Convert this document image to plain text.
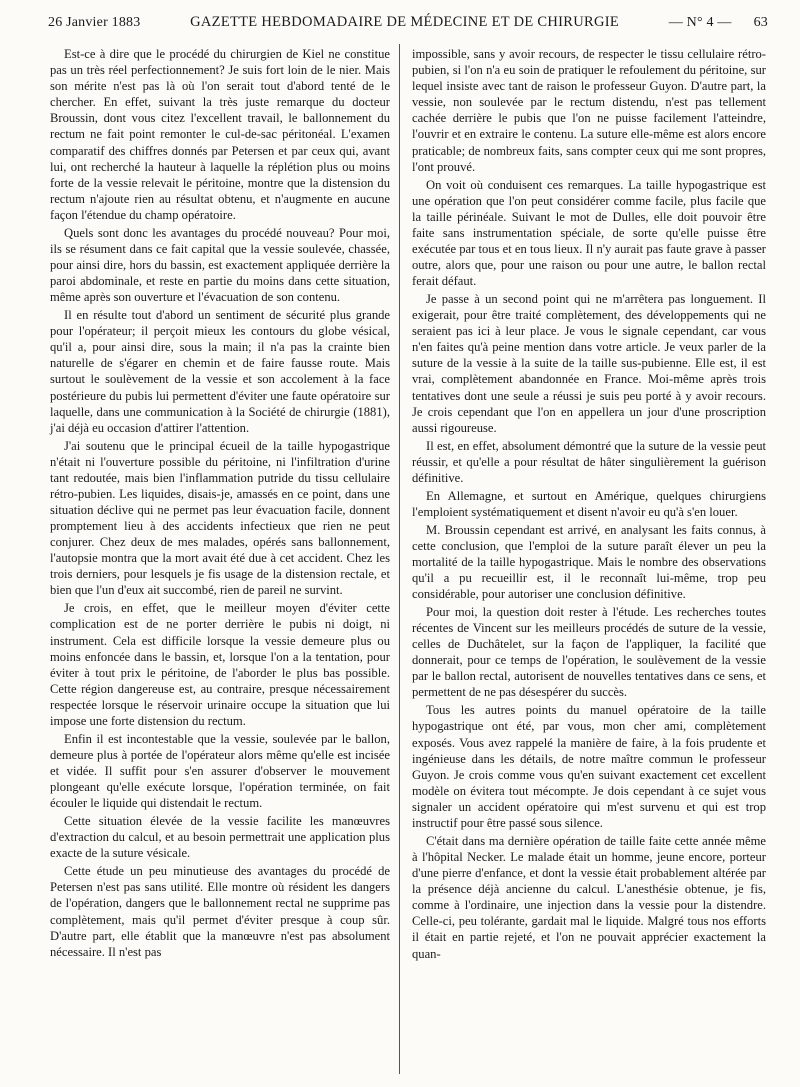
26 Janvier 1883	GAZETTE HEBDOMADAIRE DE MÉDECINE ET DE CHIRURGIE	— N° 4 — 63

Est-ce à dire que le procédé du chirurgien de Kiel ne constitue pas un très réel perfectionnement? Je suis fort loin de le nier. Mais son mérite n'est pas là où l'on serait tout d'abord tenté de le chercher. En effet, suivant la très juste remarque du docteur Broussin, dont vous citez l'excellent travail, le ballonnement du rectum ne fait point remonter le cul-de-sac péritonéal. L'examen comparatif des chiffres donnés par Petersen et par ceux qui, avant lui, ont recherché la hauteur à laquelle la réplétion plus ou moins forte de la vessie relevait le péritoine, montre que la distension du rectum n'ajoute rien au résultat obtenu, et n'augmente en aucune façon l'étendue du champ opératoire.

Quels sont donc les avantages du procédé nouveau? Pour moi, ils se résument dans ce fait capital que la vessie soulevée, chassée, pour ainsi dire, hors du bassin, est exactement appliquée derrière la paroi abdominale, et reste en partie du moins dans cette situation, même après son ouverture et l'évacuation de son contenu.

Il en résulte tout d'abord un sentiment de sécurité plus grande pour l'opérateur; il perçoit mieux les contours du globe vésical, qu'il a, pour ainsi dire, sous la main; il n'a pas la crainte bien naturelle de s'égarer en chemin et de faire fausse route. Mais surtout le soulèvement de la vessie et son accolement à la face postérieure du pubis lui permettent d'éviter une faute opératoire sur laquelle, dans une communication à la Société de chirurgie (1881), j'ai déjà eu occasion d'attirer l'attention.

J'ai soutenu que le principal écueil de la taille hypogastrique n'était ni l'ouverture possible du péritoine, ni l'infiltration d'urine tant redoutée, mais bien l'inflammation putride du tissu cellulaire rétro-pubien. Les liquides, disais-je, amassés en ce point, dans une situation déclive qui ne permet pas leur évacuation facile, donnent promptement lieu à des accidents infectieux que rien ne peut conjurer. Chez deux de mes malades, opérés sans ballonnement, l'autopsie montra que la mort avait été due à cet accident. Chez les trois derniers, pour lesquels je fis usage de la distension rectale, et bien que l'un d'eux ait succombé, rien de pareil ne survint.

Je crois, en effet, que le meilleur moyen d'éviter cette complication est de ne porter derrière le pubis ni doigt, ni instrument. Cela est difficile lorsque la vessie demeure plus ou moins enfoncée dans le bassin, et, lorsque l'on a la tentation, pour éviter à tout prix le péritoine, de l'aborder le plus bas possible. Cette région dangereuse est, au contraire, presque nécessairement respectée lorsque le réservoir urinaire occupe la situation que lui impose une forte distension du rectum.

Enfin il est incontestable que la vessie, soulevée par le ballon, demeure plus à portée de l'opérateur alors même qu'elle est incisée et vidée. Il suffit pour s'en assurer d'observer le mouvement plongeant qu'elle exécute lorsque, l'opération terminée, on fait écouler le liquide qui distendait le rectum.

Cette situation élevée de la vessie facilite les manœuvres d'extraction du calcul, et au besoin permettrait une application plus exacte de la suture vésicale.

Cette étude un peu minutieuse des avantages du procédé de Petersen n'est pas sans utilité. Elle montre où résident les dangers de l'opération, dangers que le ballonnement rectal ne supprime pas complètement, mais qu'il permet d'éviter presque à coup sûr. D'autre part, elle établit que la manœuvre n'est pas absolument nécessaire. Il n'est pas

impossible, sans y avoir recours, de respecter le tissu cellulaire rétro-pubien, si l'on n'a eu soin de pratiquer le refoulement du péritoine, sur lequel insiste avec tant de raison le professeur Guyon. D'autre part, la vessie, non soulevée par le rectum distendu, n'est pas tellement cachée derrière le pubis que l'on ne puisse facilement l'atteindre, l'ouvrir et en extraire le contenu. La suture elle-même est alors encore praticable; de nombreux faits, sans compter ceux qui me sont propres, l'ont prouvé.

On voit où conduisent ces remarques. La taille hypogastrique est une opération que l'on peut considérer comme facile, plus facile que la taille périnéale. Suivant le mot de Dulles, elle doit pouvoir être faite sans instrumentation spéciale, de sorte qu'elle puisse être exécutée par tous et en tous lieux. Il n'y aurait pas faute grave à passer outre, alors que, pour une raison ou pour une autre, le ballon rectal ferait défaut.

Je passe à un second point qui ne m'arrêtera pas longuement. Il exigerait, pour être traité complètement, des développements qui ne seraient pas ici à leur place. Je vous le signale cependant, car vous n'en faites qu'à peine mention dans votre article. Je veux parler de la suture de la vessie à la suite de la taille sus-pubienne. Elle est, il est vrai, complètement abandonnée en France. Moi-même après trois tentatives dont une seule a réussi je suis peu porté à y avoir recours. Je crois cependant que l'on en appellera un jour d'une proscription aussi rigoureuse.

Il est, en effet, absolument démontré que la suture de la vessie peut réussir, et qu'elle a pour résultat de hâter singulièrement la guérison définitive.

En Allemagne, et surtout en Amérique, quelques chirurgiens l'emploient systématiquement et disent n'avoir eu qu'à s'en louer.

M. Broussin cependant est arrivé, en analysant les faits connus, à cette conclusion, que l'emploi de la suture paraît élever un peu la mortalité de la taille hypogastrique. Mais le nombre des observations qu'il a pu recueillir est, il le reconnaît lui-même, trop peu considérable, pour autoriser une conclusion définitive.

Pour moi, la question doit rester à l'étude. Les recherches toutes récentes de Vincent sur les meilleurs procédés de suture de la vessie, celles de Duchâtelet, sur la façon de l'appliquer, la facilité que donnerait, pour ce temps de l'opération, le soulèvement de la vessie par le ballon rectal, autorisent de nouvelles tentatives dans ce sens, et permettent de ne pas désespérer du succès.

Tous les autres points du manuel opératoire de la taille hypogastrique ont été, par vous, mon cher ami, complètement exposés. Vous avez rappelé la manière de faire, à la fois prudente et ingénieuse dans les détails, de notre maître commun le professeur Guyon. Je crois comme vous qu'en suivant exactement cet excellent modèle on évitera tout mécompte. Je dois cependant à ce sujet vous signaler un accident opératoire qui m'est survenu et qui est trop instructif pour être passé sous silence.

C'était dans ma dernière opération de taille faite cette année même à l'hôpital Necker. Le malade était un homme, jeune encore, porteur d'une pierre d'enfance, et dont la vessie était probablement altérée par la présence déjà ancienne du calcul. L'anesthésie obtenue, je fis, comme à l'ordinaire, une injection dans la vessie pour la distendre. Celle-ci, peu tolérante, gardait mal le liquide. Malgré tous nos efforts il était en partie rejeté, et l'on ne pouvait apprécier exactement la quan-
